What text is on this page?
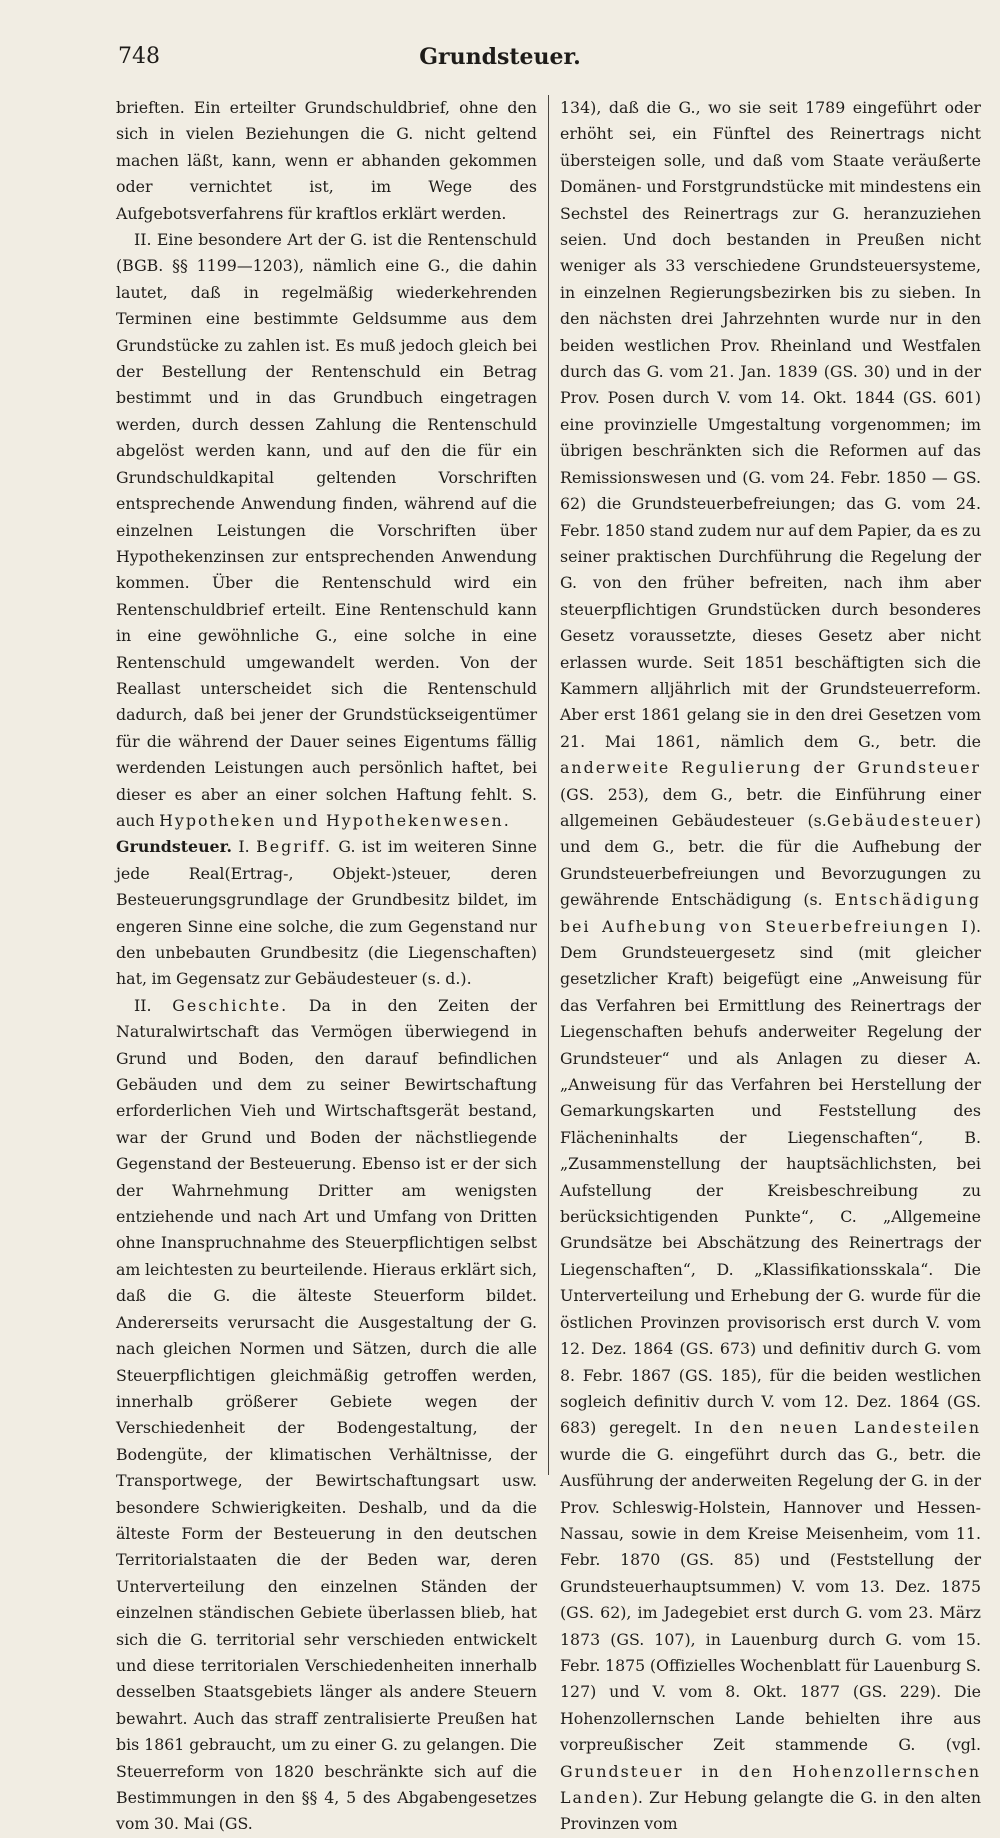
748	Grundsteuer.

brieften. Ein erteilter Grundschuldbrief, ohne den sich in vielen Beziehungen die G. nicht geltend machen läßt, kann, wenn er abhanden gekommen oder vernichtet ist, im Wege des Aufgebotsverfahrens für kraftlos erklärt werden.

II. Eine besondere Art der G. ist die Rentenschuld (BGB. §§ 1199—1203), nämlich eine G., die dahin lautet, daß in regelmäßig wiederkehrenden Terminen eine bestimmte Geldsumme aus dem Grundstücke zu zahlen ist. Es muß jedoch gleich bei der Bestellung der Rentenschuld ein Betrag bestimmt und in das Grundbuch eingetragen werden, durch dessen Zahlung die Rentenschuld abgelöst werden kann, und auf den die für ein Grundschuldkapital geltenden Vorschriften entsprechende Anwendung finden, während auf die einzelnen Leistungen die Vorschriften über Hypothekenzinsen zur entsprechenden Anwendung kommen. Über die Rentenschuld wird ein Rentenschuldbrief erteilt. Eine Rentenschuld kann in eine gewöhnliche G., eine solche in eine Rentenschuld umgewandelt werden. Von der Reallast unterscheidet sich die Rentenschuld dadurch, daß bei jener der Grundstückseigentümer für die während der Dauer seines Eigentums fällig werdenden Leistungen auch persönlich haftet, bei dieser es aber an einer solchen Haftung fehlt. S. auch Hypotheken und Hypothekenwesen.

Grundsteuer. I. Begriff. G. ist im weiteren Sinne jede Real(Ertrag-, Objekt-)steuer, deren Besteuerungsgrundlage der Grundbesitz bildet, im engeren Sinne eine solche, die zum Gegenstand nur den unbebauten Grundbesitz (die Liegenschaften) hat, im Gegensatz zur Gebäudesteuer (s. d.).

II. Geschichte. Da in den Zeiten der Naturalwirtschaft das Vermögen überwiegend in Grund und Boden, den darauf befindlichen Gebäuden und dem zu seiner Bewirtschaftung erforderlichen Vieh und Wirtschaftsgerät bestand, war der Grund und Boden der nächstliegende Gegenstand der Besteuerung. Ebenso ist er der sich der Wahrnehmung Dritter am wenigsten entziehende und nach Art und Umfang von Dritten ohne Inanspruchnahme des Steuerpflichtigen selbst am leichtesten zu beurteilende. Hieraus erklärt sich, daß die G. die älteste Steuerform bildet. Andererseits verursacht die Ausgestaltung der G. nach gleichen Normen und Sätzen, durch die alle Steuerpflichtigen gleichmäßig getroffen werden, innerhalb größerer Gebiete wegen der Verschiedenheit der Bodengestaltung, der Bodengüte, der klimatischen Verhältnisse, der Transportwege, der Bewirtschaftungsart usw. besondere Schwierigkeiten. Deshalb, und da die älteste Form der Besteuerung in den deutschen Territorialstaaten die der Beden war, deren Unterverteilung den einzelnen Ständen der einzelnen ständischen Gebiete überlassen blieb, hat sich die G. territorial sehr verschieden entwickelt und diese territorialen Verschiedenheiten innerhalb desselben Staatsgebiets länger als andere Steuern bewahrt. Auch das straff zentralisierte Preußen hat bis 1861 gebraucht, um zu einer G. zu gelangen. Die Steuerreform von 1820 beschränkte sich auf die Bestimmungen in den §§ 4, 5 des Abgabengesetzes vom 30. Mai (GS.

134), daß die G., wo sie seit 1789 eingeführt oder erhöht sei, ein Fünftel des Reinertrags nicht übersteigen solle, und daß vom Staate veräußerte Domänen- und Forstgrundstücke mit mindestens ein Sechstel des Reinertrags zur G. heranzuziehen seien. Und doch bestanden in Preußen nicht weniger als 33 verschiedene Grundsteuersysteme, in einzelnen Regierungsbezirken bis zu sieben. In den nächsten drei Jahrzehnten wurde nur in den beiden westlichen Prov. Rheinland und Westfalen durch das G. vom 21. Jan. 1839 (GS. 30) und in der Prov. Posen durch V. vom 14. Okt. 1844 (GS. 601) eine provinzielle Umgestaltung vorgenommen; im übrigen beschränkten sich die Reformen auf das Remissionswesen und (G. vom 24. Febr. 1850 — GS. 62) die Grundsteuerbefreiungen; das G. vom 24. Febr. 1850 stand zudem nur auf dem Papier, da es zu seiner praktischen Durchführung die Regelung der G. von den früher befreiten, nach ihm aber steuerpflichtigen Grundstücken durch besonderes Gesetz voraussetzte, dieses Gesetz aber nicht erlassen wurde. Seit 1851 beschäftigten sich die Kammern alljährlich mit der Grundsteuerreform. Aber erst 1861 gelang sie in den drei Gesetzen vom 21. Mai 1861, nämlich dem G., betr. die anderweite Regulierung der Grundsteuer (GS. 253), dem G., betr. die Einführung einer allgemeinen Gebäudesteuer (s.Gebäudesteuer) und dem G., betr. die für die Aufhebung der Grundsteuerbefreiungen und Bevorzugungen zu gewährende Entschädigung (s. Entschädigung bei Aufhebung von Steuerbefreiungen I). Dem Grundsteuergesetz sind (mit gleicher gesetzlicher Kraft) beigefügt eine „Anweisung für das Verfahren bei Ermittlung des Reinertrags der Liegenschaften behufs anderweiter Regelung der Grundsteuer“ und als Anlagen zu dieser A. „Anweisung für das Verfahren bei Herstellung der Gemarkungskarten und Feststellung des Flächeninhalts der Liegenschaften“, B. „Zusammenstellung der hauptsächlichsten, bei Aufstellung der Kreisbeschreibung zu berücksichtigenden Punkte“, C. „Allgemeine Grundsätze bei Abschätzung des Reinertrags der Liegenschaften“, D. „Klassifikationsskala“. Die Unterverteilung und Erhebung der G. wurde für die östlichen Provinzen provisorisch erst durch V. vom 12. Dez. 1864 (GS. 673) und definitiv durch G. vom 8. Febr. 1867 (GS. 185), für die beiden westlichen sogleich definitiv durch V. vom 12. Dez. 1864 (GS. 683) geregelt. In den neuen Landesteilen wurde die G. eingeführt durch das G., betr. die Ausführung der anderweiten Regelung der G. in der Prov. Schleswig-Holstein, Hannover und Hessen-Nassau, sowie in dem Kreise Meisenheim, vom 11. Febr. 1870 (GS. 85) und (Feststellung der Grundsteuerhauptsummen) V. vom 13. Dez. 1875 (GS. 62), im Jadegebiet erst durch G. vom 23. März 1873 (GS. 107), in Lauenburg durch G. vom 15. Febr. 1875 (Offizielles Wochenblatt für Lauenburg S. 127) und V. vom 8. Okt. 1877 (GS. 229). Die Hohenzollernschen Lande behielten ihre aus vorpreußischer Zeit stammende G. (vgl. Grundsteuer in den Hohenzollernschen Landen). Zur Hebung gelangte die G. in den alten Provinzen vom
